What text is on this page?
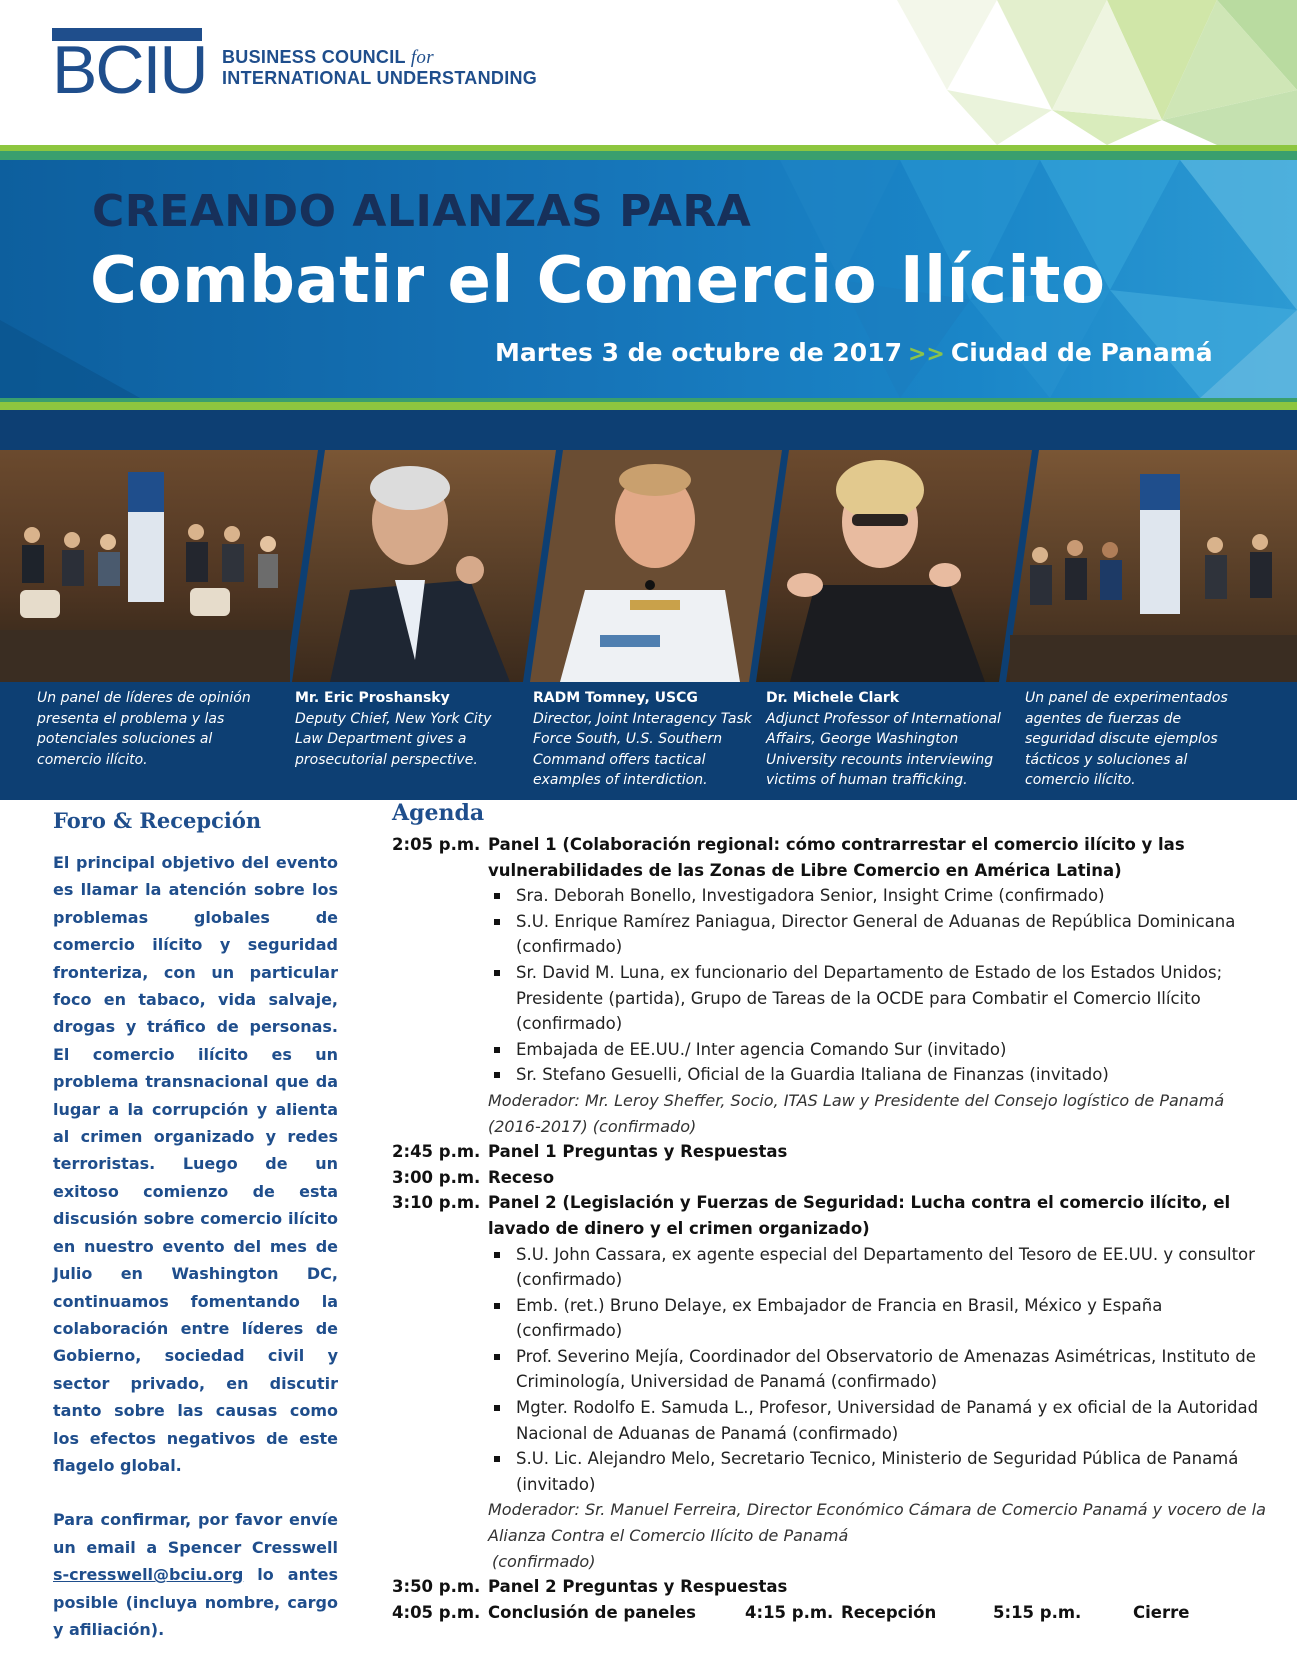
BCIU BUSINESS COUNCIL for
INTERNATIONAL UNDERSTANDING
CREANDO ALIANZAS PARA
Combatir el Comercio Ilícito
Martes 3 de octubre de 2017 >> Ciudad de Panamá
Un panel de líderes de opinión presenta el problema y las potenciales soluciones al comercio ilícito.
Mr. Eric Proshansky
Deputy Chief, New York City Law Department gives a prosecutorial perspective.
RADM Tomney, USCG
Director, Joint Interagency Task Force South, U.S. Southern Command offers tactical examples of interdiction.
Dr. Michele Clark
Adjunct Professor of International Affairs, George Washington University recounts interviewing victims of human trafficking.
Un panel de experimentados agentes de fuerzas de seguridad discute ejemplos tácticos y soluciones al comercio ilícito.
Foro & Recepción

El principal objetivo del evento es llamar la atención sobre los problemas globales de comercio ilícito y seguridad fronteriza, con un particular foco en tabaco, vida salvaje, drogas y tráfico de personas. El comercio ilícito es un problema transnacional que da lugar a la corrupción y alienta al crimen organizado y redes terroristas. Luego de un exitoso comienzo de esta discusión sobre comercio ilícito en nuestro evento del mes de Julio en Washington DC, continuamos fomentando la colaboración entre líderes de Gobierno, sociedad civil y sector privado, en discutir tanto sobre las causas como los efectos negativos de este flagelo global.

Para confirmar, por favor envíe un email a Spencer Cresswell s-cresswell@bciu.org lo antes posible (incluya nombre, cargo y afiliación).

Agenda
2:05 p.m. Panel 1 (Colaboración regional: cómo contrarrestar el comercio ilícito y las vulnerabilidades de las Zonas de Libre Comercio en América Latina)
Sra. Deborah Bonello, Investigadora Senior, Insight Crime (confirmado)
S.U. Enrique Ramírez Paniagua, Director General de Aduanas de República Dominicana (confirmado)
Sr. David M. Luna, ex funcionario del Departamento de Estado de los Estados Unidos; Presidente (partida), Grupo de Tareas de la OCDE para Combatir el Comercio Ilícito (confirmado)
Embajada de EE.UU./ Inter agencia Comando Sur (invitado)
Sr. Stefano Gesuelli, Oficial de la Guardia Italiana de Finanzas (invitado)
Moderador: Mr. Leroy Sheffer, Socio, ITAS Law y Presidente del Consejo logístico de Panamá (2016-2017) (confirmado)
2:45 p.m. Panel 1 Preguntas y Respuestas
3:00 p.m. Receso
3:10 p.m. Panel 2 (Legislación y Fuerzas de Seguridad: Lucha contra el comercio ilícito, el lavado de dinero y el crimen organizado)
S.U. John Cassara, ex agente especial del Departamento del Tesoro de EE.UU. y consultor (confirmado)
Emb. (ret.) Bruno Delaye, ex Embajador de Francia en Brasil, México y España (confirmado)
Prof. Severino Mejía, Coordinador del Observatorio de Amenazas Asimétricas, Instituto de Criminología, Universidad de Panamá (confirmado)
Mgter. Rodolfo E. Samuda L., Profesor, Universidad de Panamá y ex oficial de la Autoridad Nacional de Aduanas de Panamá (confirmado)
S.U. Lic. Alejandro Melo, Secretario Tecnico, Ministerio de Seguridad Pública de Panamá (invitado)
Moderador: Sr. Manuel Ferreira, Director Económico Cámara de Comercio Panamá y vocero de la Alianza Contra el Comercio Ilícito de Panamá
(confirmado)
3:50 p.m. Panel 2 Preguntas y Respuestas
4:05 p.m. Conclusión de paneles	4:15 p.m. Recepción	5:15 p.m.	Cierre
